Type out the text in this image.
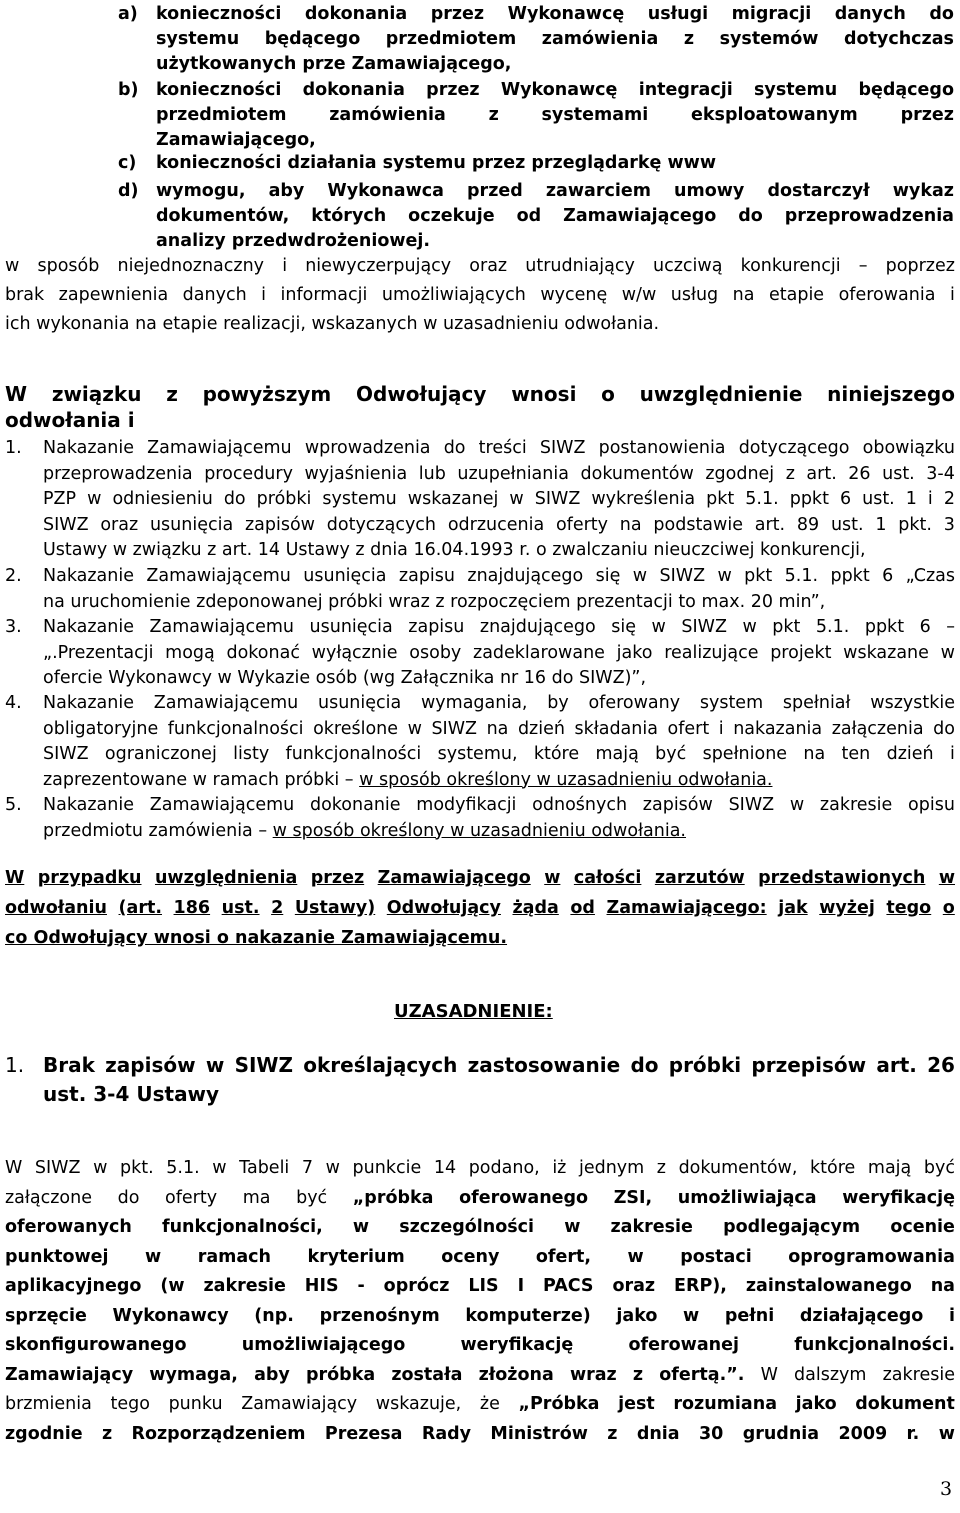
a) konieczności dokonania przez Wykonawcę usługi migracji danych do
systemu będącego przedmiotem zamówienia z systemów dotychczas
użytkowanych prze Zamawiającego,
b) konieczności dokonania przez Wykonawcę integracji systemu będącego
przedmiotem zamówienia z systemami eksploatowanym przez
Zamawiającego,
c) konieczności działania systemu przez przeglądarkę www
d) wymogu, aby Wykonawca przed zawarciem umowy dostarczył wykaz
dokumentów, których oczekuje od Zamawiającego do przeprowadzenia
analizy przedwdrożeniowej.
w sposób niejednoznaczny i niewyczerpujący oraz utrudniający uczciwą konkurencji – poprzez
brak zapewnienia danych i informacji umożliwiających wycenę w/w usług na etapie oferowania i
ich wykonania na etapie realizacji, wskazanych w uzasadnieniu odwołania.
W związku z powyższym Odwołujący wnosi o uwzględnienie niniejszego
odwołania i
1. Nakazanie Zamawiającemu wprowadzenia do treści SIWZ postanowienia dotyczącego obowiązku
przeprowadzenia procedury wyjaśnienia lub uzupełniania dokumentów zgodnej z art. 26 ust. 3-4
PZP w odniesieniu do próbki systemu wskazanej w SIWZ wykreślenia pkt 5.1. ppkt 6 ust. 1 i 2
SIWZ oraz usunięcia zapisów dotyczących odrzucenia oferty na podstawie art. 89 ust. 1 pkt. 3
Ustawy w związku z art. 14 Ustawy z dnia 16.04.1993 r. o zwalczaniu nieuczciwej konkurencji,
2. Nakazanie Zamawiającemu usunięcia zapisu znajdującego się w SIWZ w pkt 5.1. ppkt 6 „Czas
na uruchomienie zdeponowanej próbki wraz z rozpoczęciem prezentacji to max. 20 min”,
3. Nakazanie Zamawiającemu usunięcia zapisu znajdującego się w SIWZ w pkt 5.1. ppkt 6 –
„.Prezentacji mogą dokonać wyłącznie osoby zadeklarowane jako realizujące projekt wskazane w
ofercie Wykonawcy w Wykazie osób (wg Załącznika nr 16 do SIWZ)”,
4. Nakazanie Zamawiającemu usunięcia wymagania, by oferowany system spełniał wszystkie
obligatoryjne funkcjonalności określone w SIWZ na dzień składania ofert i nakazania załączenia do
SIWZ ograniczonej listy funkcjonalności systemu, które mają być spełnione na ten dzień i
zaprezentowane w ramach próbki – w sposób określony w uzasadnieniu odwołania.
5. Nakazanie Zamawiającemu dokonanie modyfikacji odnośnych zapisów SIWZ w zakresie opisu
przedmiotu zamówienia – w sposób określony w uzasadnieniu odwołania.
W przypadku uwzględnienia przez Zamawiającego w całości zarzutów przedstawionych w
odwołaniu (art. 186 ust. 2 Ustawy) Odwołujący żąda od Zamawiającego: jak wyżej tego o
co Odwołujący wnosi o nakazanie Zamawiającemu.
UZASADNIENIE:
1. Brak zapisów w SIWZ określających zastosowanie do próbki przepisów art. 26
ust. 3-4 Ustawy
W SIWZ w pkt. 5.1. w Tabeli 7 w punkcie 14 podano, iż jednym z dokumentów, które mają być
załączone do oferty ma być „próbka oferowanego ZSI, umożliwiająca weryfikację
oferowanych funkcjonalności, w szczególności w zakresie podlegającym ocenie
punktowej w ramach kryterium oceny ofert, w postaci oprogramowania
aplikacyjnego (w zakresie HIS - oprócz LIS I PACS oraz ERP), zainstalowanego na
sprzęcie Wykonawcy (np. przenośnym komputerze) jako w pełni działającego i
skonfigurowanego	umożliwiającego	weryfikację	oferowanej	funkcjonalności.
Zamawiający wymaga, aby próbka została złożona wraz z ofertą.”. W dalszym zakresie
brzmienia tego punku Zamawiający wskazuje, że „Próbka jest rozumiana jako dokument
zgodnie z Rozporządzeniem Prezesa Rady Ministrów z dnia 30 grudnia 2009 r. w
3
